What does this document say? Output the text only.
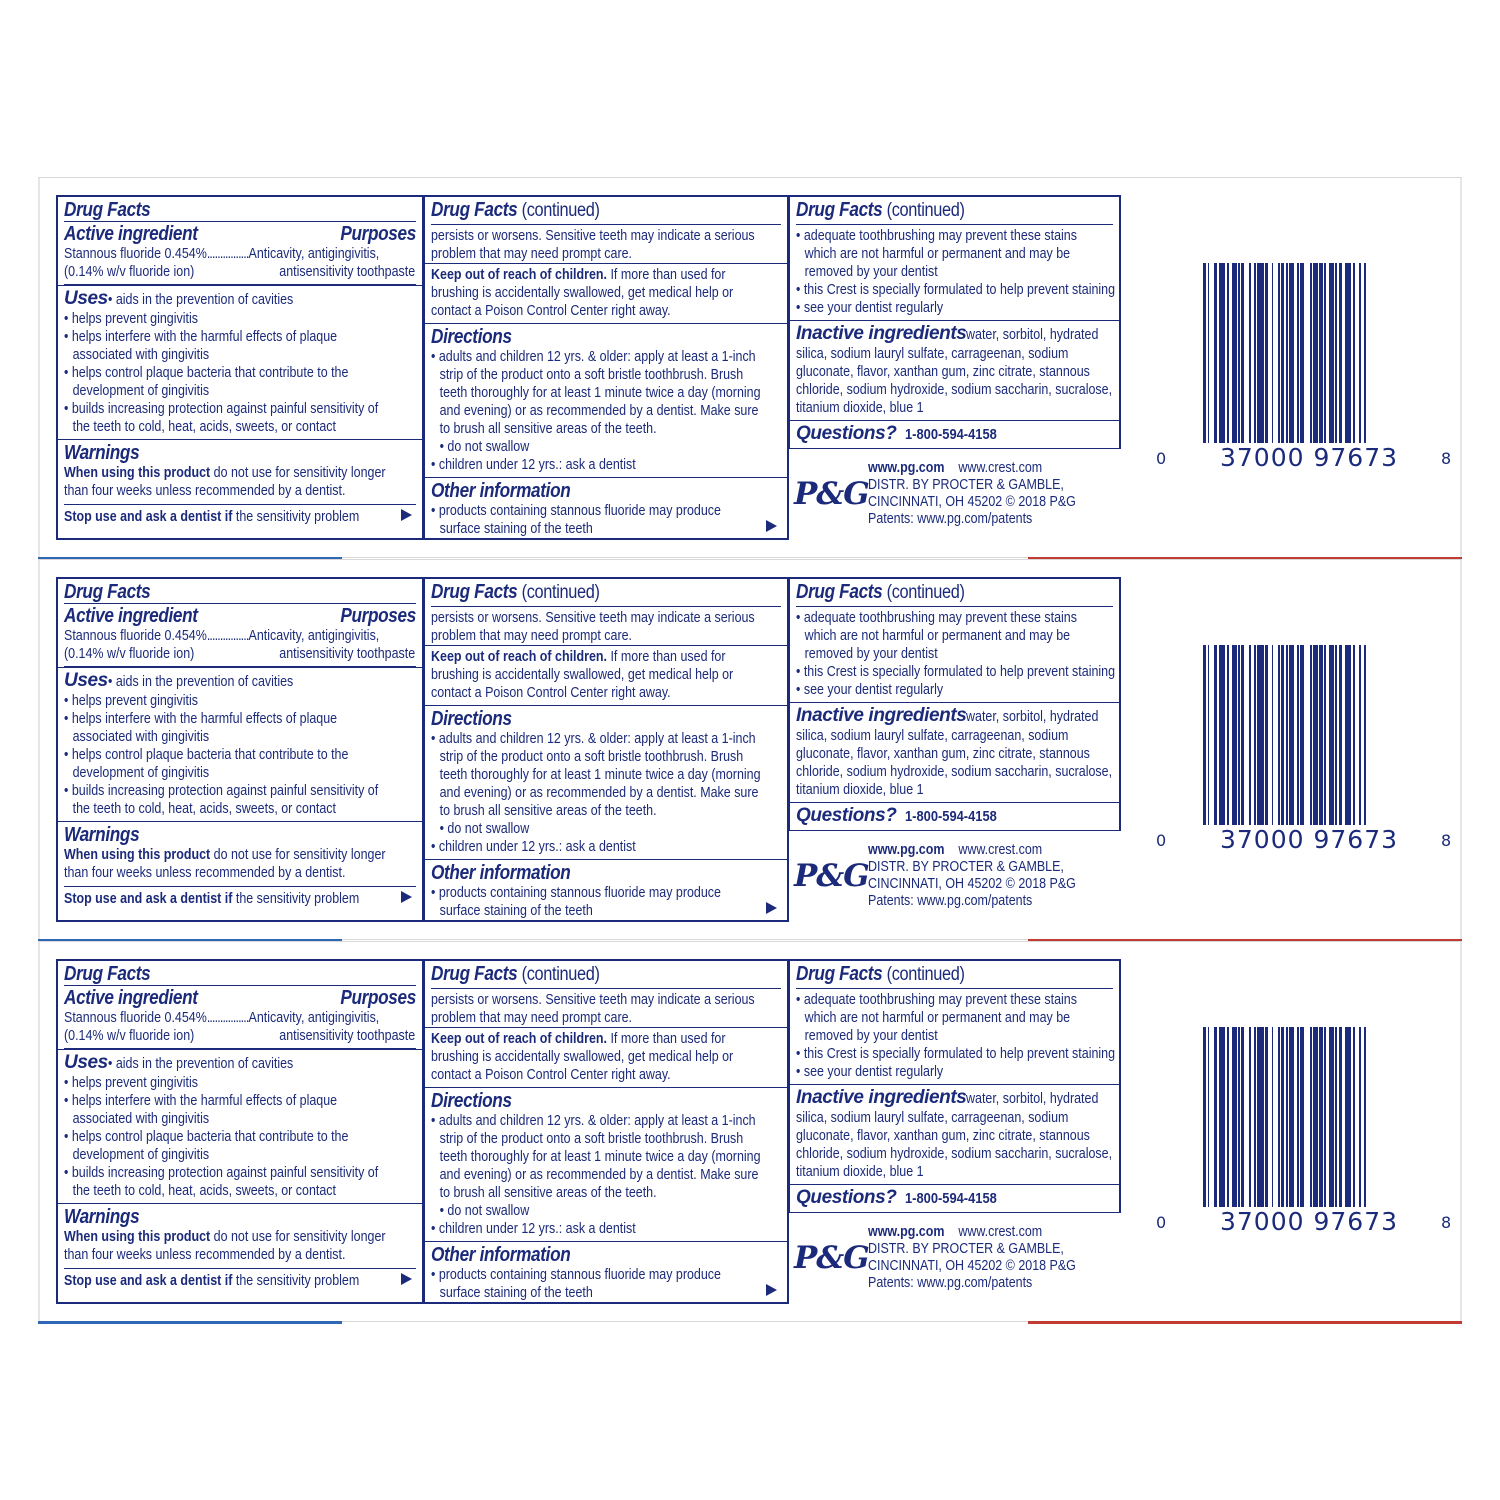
Drug Facts
Active ingredient	Purposes
Stannous fluoride 0.454%................Anticavity, antigingivitis,
(0.14% w/v fluoride ion)	antisensitivity toothpaste
Uses• aids in the prevention of cavities
• helps prevent gingivitis
• helps interfere with the harmful effects of plaque
associated with gingivitis
• helps control plaque bacteria that contribute to the
development of gingivitis
• builds increasing protection against painful sensitivity of
the teeth to cold, heat, acids, sweets, or contact
Warnings
When using this product do not use for sensitivity longer
than four weeks unless recommended by a dentist.
Stop use and ask a dentist if the sensitivity problem
Drug Facts (continued)
persists or worsens. Sensitive teeth may indicate a serious
problem that may need prompt care.
Keep out of reach of children. If more than used for
brushing is accidentally swallowed, get medical help or
contact a Poison Control Center right away.
Directions
• adults and children 12 yrs. & older: apply at least a 1-inch
strip of the product onto a soft bristle toothbrush. Brush
teeth thoroughly for at least 1 minute twice a day (morning
and evening) or as recommended by a dentist. Make sure
to brush all sensitive areas of the teeth.
• do not swallow
• children under 12 yrs.: ask a dentist
Other information
• products containing stannous fluoride may produce
surface staining of the teeth
Drug Facts (continued)
• adequate toothbrushing may prevent these stains
which are not harmful or permanent and may be
removed by your dentist
• this Crest is specially formulated to help prevent staining
• see your dentist regularly
Inactive ingredientswater, sorbitol, hydrated
silica, sodium lauryl sulfate, carrageenan, sodium
gluconate, flavor, xanthan gum, zinc citrate, stannous
chloride, sodium hydroxide, sodium saccharin, sucralose,
titanium dioxide, blue 1
Questions? 1-800-594-4158
P&G
www.pg.com www.crest.com
DISTR. BY PROCTER & GAMBLE,
CINCINNATI, OH 45202 © 2018 P&G
Patents: www.pg.com/patents
0 37000 97673	8
Drug Facts
Active ingredient	Purposes
Stannous fluoride 0.454%................Anticavity, antigingivitis,
(0.14% w/v fluoride ion)	antisensitivity toothpaste
Uses• aids in the prevention of cavities
• helps prevent gingivitis
• helps interfere with the harmful effects of plaque
associated with gingivitis
• helps control plaque bacteria that contribute to the
development of gingivitis
• builds increasing protection against painful sensitivity of
the teeth to cold, heat, acids, sweets, or contact
Warnings
When using this product do not use for sensitivity longer
than four weeks unless recommended by a dentist.
Stop use and ask a dentist if the sensitivity problem
Drug Facts (continued)
persists or worsens. Sensitive teeth may indicate a serious
problem that may need prompt care.
Keep out of reach of children. If more than used for
brushing is accidentally swallowed, get medical help or
contact a Poison Control Center right away.
Directions
• adults and children 12 yrs. & older: apply at least a 1-inch
strip of the product onto a soft bristle toothbrush. Brush
teeth thoroughly for at least 1 minute twice a day (morning
and evening) or as recommended by a dentist. Make sure
to brush all sensitive areas of the teeth.
• do not swallow
• children under 12 yrs.: ask a dentist
Other information
• products containing stannous fluoride may produce
surface staining of the teeth
Drug Facts (continued)
• adequate toothbrushing may prevent these stains
which are not harmful or permanent and may be
removed by your dentist
• this Crest is specially formulated to help prevent staining
• see your dentist regularly
Inactive ingredientswater, sorbitol, hydrated
silica, sodium lauryl sulfate, carrageenan, sodium
gluconate, flavor, xanthan gum, zinc citrate, stannous
chloride, sodium hydroxide, sodium saccharin, sucralose,
titanium dioxide, blue 1
Questions? 1-800-594-4158
P&G
www.pg.com www.crest.com
DISTR. BY PROCTER & GAMBLE,
CINCINNATI, OH 45202 © 2018 P&G
Patents: www.pg.com/patents
0 37000 97673	8
Drug Facts
Active ingredient	Purposes
Stannous fluoride 0.454%................Anticavity, antigingivitis,
(0.14% w/v fluoride ion)	antisensitivity toothpaste
Uses• aids in the prevention of cavities
• helps prevent gingivitis
• helps interfere with the harmful effects of plaque
associated with gingivitis
• helps control plaque bacteria that contribute to the
development of gingivitis
• builds increasing protection against painful sensitivity of
the teeth to cold, heat, acids, sweets, or contact
Warnings
When using this product do not use for sensitivity longer
than four weeks unless recommended by a dentist.
Stop use and ask a dentist if the sensitivity problem
Drug Facts (continued)
persists or worsens. Sensitive teeth may indicate a serious
problem that may need prompt care.
Keep out of reach of children. If more than used for
brushing is accidentally swallowed, get medical help or
contact a Poison Control Center right away.
Directions
• adults and children 12 yrs. & older: apply at least a 1-inch
strip of the product onto a soft bristle toothbrush. Brush
teeth thoroughly for at least 1 minute twice a day (morning
and evening) or as recommended by a dentist. Make sure
to brush all sensitive areas of the teeth.
• do not swallow
• children under 12 yrs.: ask a dentist
Other information
• products containing stannous fluoride may produce
surface staining of the teeth
Drug Facts (continued)
• adequate toothbrushing may prevent these stains
which are not harmful or permanent and may be
removed by your dentist
• this Crest is specially formulated to help prevent staining
• see your dentist regularly
Inactive ingredientswater, sorbitol, hydrated
silica, sodium lauryl sulfate, carrageenan, sodium
gluconate, flavor, xanthan gum, zinc citrate, stannous
chloride, sodium hydroxide, sodium saccharin, sucralose,
titanium dioxide, blue 1
Questions? 1-800-594-4158
P&G
www.pg.com www.crest.com
DISTR. BY PROCTER & GAMBLE,
CINCINNATI, OH 45202 © 2018 P&G
Patents: www.pg.com/patents
0 37000 97673	8
